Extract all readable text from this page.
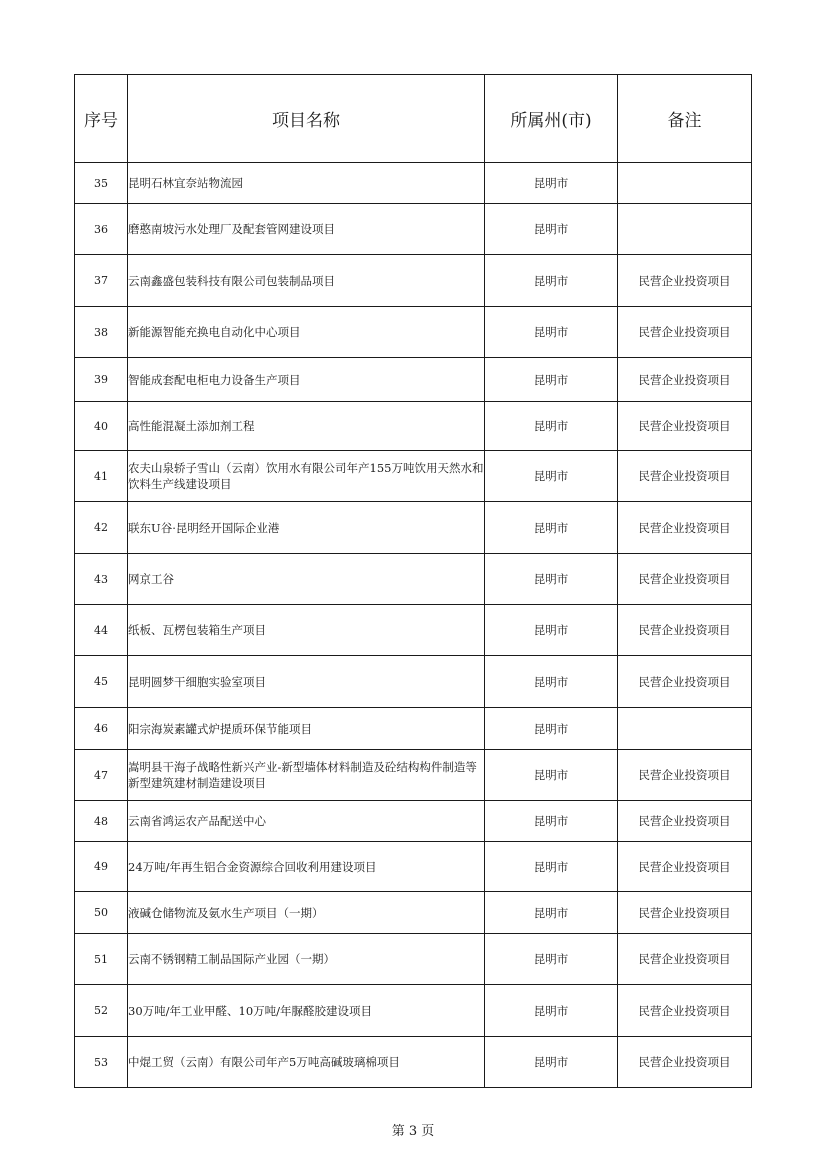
序号	项目名称	所属州(市)	备注
35	昆明石林宜奈站物流园	昆明市	
36	磨憨南坡污水处理厂及配套管网建设项目	昆明市	
37	云南鑫盛包装科技有限公司包装制品项目	昆明市	民营企业投资项目
38	新能源智能充换电自动化中心项目	昆明市	民营企业投资项目
39	智能成套配电柜电力设备生产项目	昆明市	民营企业投资项目
40	高性能混凝土添加剂工程	昆明市	民营企业投资项目
41	农夫山泉轿子雪山（云南）饮用水有限公司年产155万吨饮用天然水和饮料生产线建设项目	昆明市	民营企业投资项目
42	联东U谷·昆明经开国际企业港	昆明市	民营企业投资项目
43	网京工谷	昆明市	民营企业投资项目
44	纸板、瓦楞包装箱生产项目	昆明市	民营企业投资项目
45	昆明圆梦干细胞实验室项目	昆明市	民营企业投资项目
46	阳宗海炭素罐式炉提质环保节能项目	昆明市	
47	嵩明县干海子战略性新兴产业-新型墙体材料制造及砼结构构件制造等新型建筑建材制造建设项目	昆明市	民营企业投资项目
48	云南省鸿运农产品配送中心	昆明市	民营企业投资项目
49	24万吨/年再生铝合金资源综合回收利用建设项目	昆明市	民营企业投资项目
50	液碱仓储物流及氨水生产项目（一期）	昆明市	民营企业投资项目
51	云南不锈钢精工制品国际产业园（一期）	昆明市	民营企业投资项目
52	30万吨/年工业甲醛、10万吨/年脲醛胶建设项目	昆明市	民营企业投资项目
53	中焜工贸（云南）有限公司年产5万吨高碱玻璃棉项目	昆明市	民营企业投资项目
第 3 页
